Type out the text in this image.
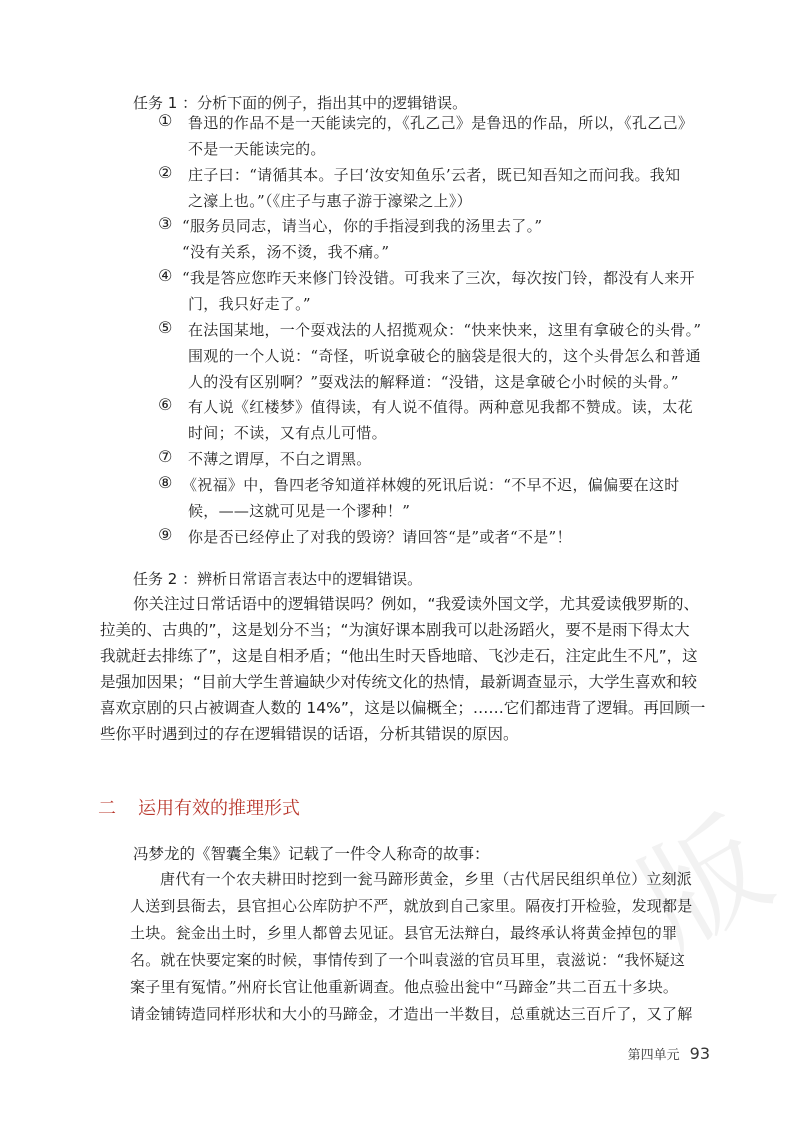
任务 1 ：分析下面的例子，指出其中的逻辑错误。
① 鲁迅的作品不是一天能读完的，《孔乙己》是鲁迅的作品，所以，《孔乙己》
不是一天能读完的。
② 庄子曰：“请循其本。子曰‘汝安知鱼乐’云者，既已知吾知之而问我。我知
之濠上也。”（《庄子与惠子游于濠梁之上》）
③ “服务员同志，请当心，你的手指浸到我的汤里去了。”
“没有关系，汤不烫，我不痛。”
④ “我是答应您昨天来修门铃没错。可我来了三次，每次按门铃，都没有人来开
门，我只好走了。”
⑤ 在法国某地，一个耍戏法的人招揽观众：“快来快来，这里有拿破仑的头骨。”
围观的一个人说：“奇怪，听说拿破仑的脑袋是很大的，这个头骨怎么和普通
人的没有区别啊？”耍戏法的解释道：“没错，这是拿破仑小时候的头骨。”
⑥ 有人说《红楼梦》值得读，有人说不值得。两种意见我都不赞成。读，太花
时间；不读，又有点儿可惜。
⑦ 不薄之谓厚，不白之谓黑。
⑧ 《祝福》中，鲁四老爷知道祥林嫂的死讯后说：“不早不迟，偏偏要在这时
候，——这就可见是一个谬种！”
⑨ 你是否已经停止了对我的毁谤？请回答“是”或者“不是”！
任务 2 ：辨析日常语言表达中的逻辑错误。
你关注过日常话语中的逻辑错误吗？例如，“我爱读外国文学，尤其爱读俄罗斯的、
拉美的、古典的”，这是划分不当；“为演好课本剧我可以赴汤蹈火，要不是雨下得太大
我就赶去排练了”，这是自相矛盾；“他出生时天昏地暗、飞沙走石，注定此生不凡”，这
是强加因果；“目前大学生普遍缺少对传统文化的热情，最新调查显示，大学生喜欢和较
喜欢京剧的只占被调查人数的 14%”，这是以偏概全；……它们都违背了逻辑。再回顾一
些你平时遇到过的存在逻辑错误的话语，分析其错误的原因。
二 运用有效的推理形式	版
冯梦龙的《智囊全集》记载了一件令人称奇的故事：
唐代有一个农夫耕田时挖到一瓮马蹄形黄金，乡里（古代居民组织单位）立刻派
人送到县衙去，县官担心公库防护不严，就放到自己家里。隔夜打开检验，发现都是
土块。瓮金出土时，乡里人都曾去见证。县官无法辩白，最终承认将黄金掉包的罪
名。就在快要定案的时候，事情传到了一个叫袁滋的官员耳里，袁滋说：“我怀疑这
案子里有冤情。”州府长官让他重新调查。他点验出瓮中“马蹄金”共二百五十多块。
请金铺铸造同样形状和大小的马蹄金，才造出一半数目，总重就达三百斤了，又了解
第四单元 93
